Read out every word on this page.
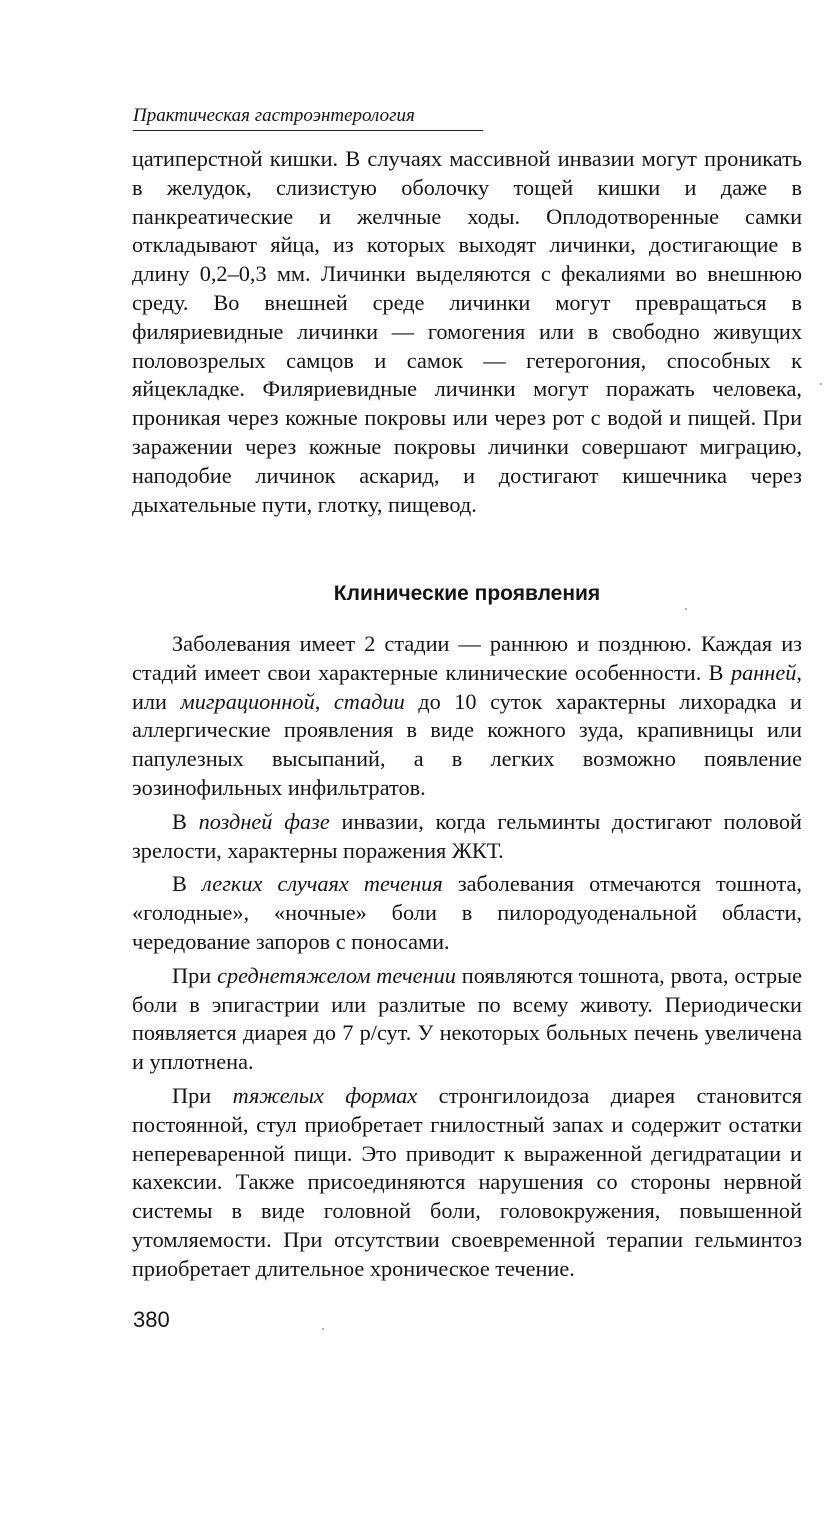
Практическая гастроэнтерология

цатиперстной кишки. В случаях массивной инвазии могут проникать в желудок, слизистую оболочку тощей кишки и даже в панкреатические и желчные ходы. Оплодотворенные самки откладывают яйца, из которых выходят личинки, достигающие в длину 0,2–0,3 мм. Личинки выделяются с фекалиями во внешнюю среду. Во внешней среде личинки могут превращаться в филяриевидные личинки — гомогения или в свободно живущих половозрелых самцов и самок — гетерогония, способных к яйцекладке. Филяриевидные личинки могут поражать человека, проникая через кожные покровы или через рот с водой и пищей. При заражении через кожные покровы личинки совершают миграцию, наподобие личинок аскарид, и достигают кишечника через дыхательные пути, глотку, пищевод.

Клинические проявления

Заболевания имеет 2 стадии — раннюю и позднюю. Каждая из стадий имеет свои характерные клинические особенности. В ранней, или миграционной, стадии до 10 суток характерны лихорадка и аллергические проявления в виде кожного зуда, крапивницы или папулезных высыпаний, а в легких возможно появление эозинофильных инфильтратов.

В поздней фазе инвазии, когда гельминты достигают половой зрелости, характерны поражения ЖКТ.

В легких случаях течения заболевания отмечаются тошнота, «голодные», «ночные» боли в пилородуоденальной области, чередование запоров с поносами.

При среднетяжелом течении появляются тошнота, рвота, острые боли в эпигастрии или разлитые по всему животу. Периодически появляется диарея до 7 р/сут. У некоторых больных печень увеличена и уплотнена.

При тяжелых формах стронгилоидоза диарея становится постоянной, стул приобретает гнилостный запах и содержит остатки непереваренной пищи. Это приводит к выраженной дегидратации и кахексии. Также присоединяются нарушения со стороны нервной системы в виде головной боли, головокружения, повышенной утомляемости. При отсутствии своевременной терапии гельминтоз приобретает длительное хроническое течение.

380
